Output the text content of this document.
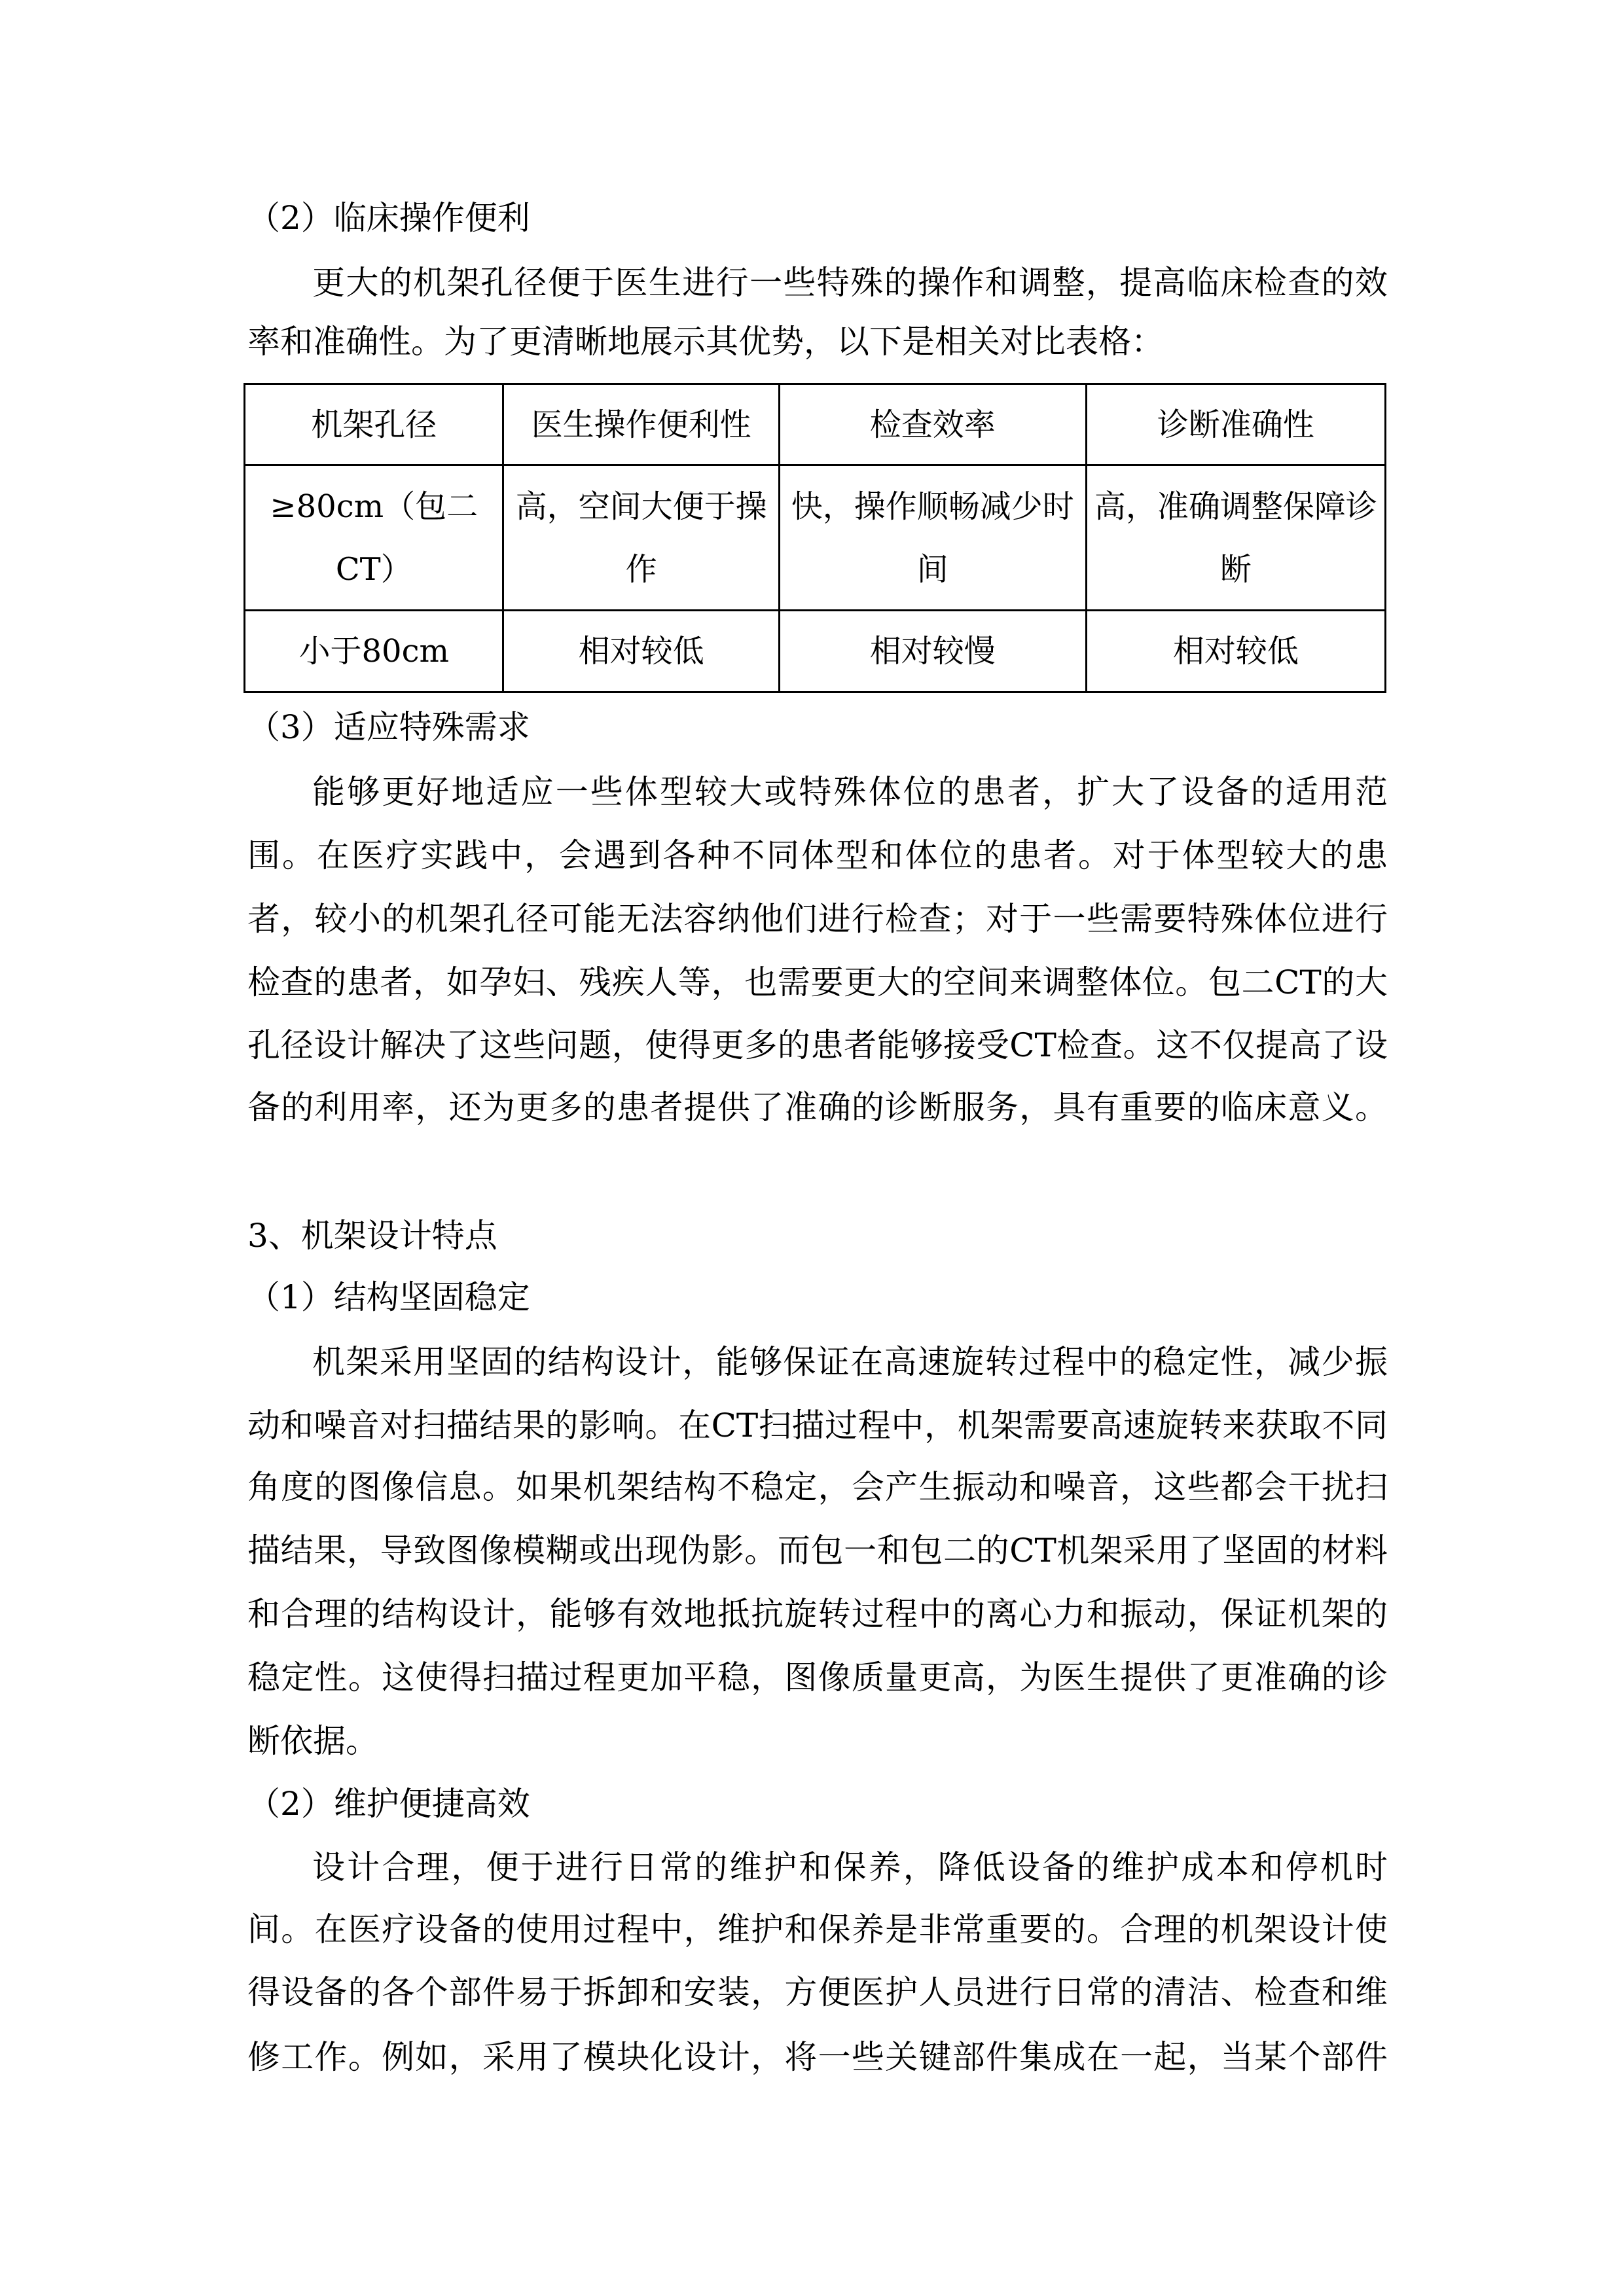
（2）临床操作便利
更大的机架孔径便于医生进行一些特殊的操作和调整，提高临床检查的效
率和准确性。为了更清晰地展示其优势，以下是相关对比表格：
机架孔径	医生操作便利性	检查效率	诊断准确性
≥80cm（包二CT）	高，空间大便于操作	快，操作顺畅减少时间	高，准确调整保障诊断
小于80cm	相对较低	相对较慢	相对较低
（3）适应特殊需求
能够更好地适应一些体型较大或特殊体位的患者，扩大了设备的适用范
围。在医疗实践中，会遇到各种不同体型和体位的患者。对于体型较大的患
者，较小的机架孔径可能无法容纳他们进行检查；对于一些需要特殊体位进行
检查的患者，如孕妇、残疾人等，也需要更大的空间来调整体位。包二CT的大
孔径设计解决了这些问题，使得更多的患者能够接受CT检查。这不仅提高了设
备的利用率，还为更多的患者提供了准确的诊断服务，具有重要的临床意义。
3、机架设计特点
（1）结构坚固稳定
机架采用坚固的结构设计，能够保证在高速旋转过程中的稳定性，减少振
动和噪音对扫描结果的影响。在CT扫描过程中，机架需要高速旋转来获取不同
角度的图像信息。如果机架结构不稳定，会产生振动和噪音，这些都会干扰扫
描结果，导致图像模糊或出现伪影。而包一和包二的CT机架采用了坚固的材料
和合理的结构设计，能够有效地抵抗旋转过程中的离心力和振动，保证机架的
稳定性。这使得扫描过程更加平稳，图像质量更高，为医生提供了更准确的诊
断依据。
（2）维护便捷高效
设计合理，便于进行日常的维护和保养，降低设备的维护成本和停机时
间。在医疗设备的使用过程中，维护和保养是非常重要的。合理的机架设计使
得设备的各个部件易于拆卸和安装，方便医护人员进行日常的清洁、检查和维
修工作。例如，采用了模块化设计，将一些关键部件集成在一起，当某个部件
